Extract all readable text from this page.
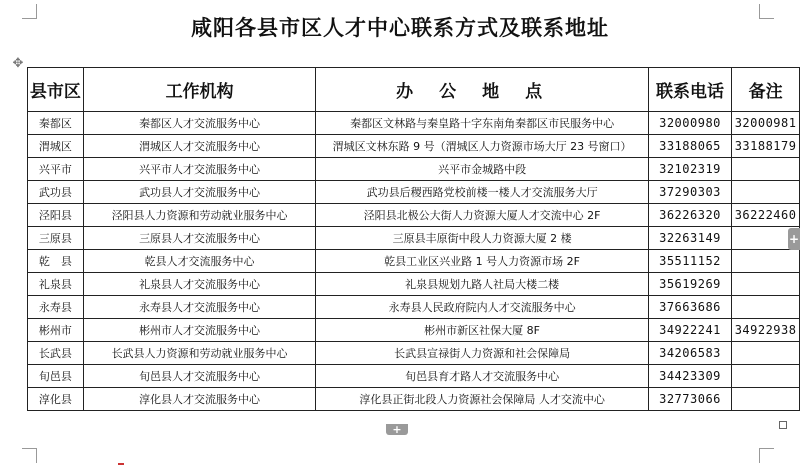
咸阳各县市区人才中心联系方式及联系地址
✥
县市区	工作机构	办公地点	联系电话	备注
秦都区	秦都区人才交流服务中心	秦都区文林路与秦皇路十字东南角秦都区市民服务中心	32000980	32000981
渭城区	渭城区人才交流服务中心	渭城区文林东路 9 号（渭城区人力资源市场大厅 23 号窗口）	33188065	33188179
兴平市	兴平市人才交流服务中心	兴平市金城路中段	32102319	
武功县	武功县人才交流服务中心	武功县后稷西路党校前楼一楼人才交流服务大厅	37290303	
泾阳县	泾阳县人力资源和劳动就业服务中心	泾阳县北极公大街人力资源大厦人才交流中心 2F	36226320	36222460
三原县	三原县人才交流服务中心	三原县丰原街中段人力资源大厦 2 楼	32263149	
乾　县	乾县人才交流服务中心	乾县工业区兴业路 1 号人力资源市场 2F	35511152	
礼泉县	礼泉县人才交流服务中心	礼泉县规划九路人社局大楼二楼	35619269	
永寿县	永寿县人才交流服务中心	永寿县人民政府院内人才交流服务中心	37663686	
彬州市	彬州市人才交流服务中心	彬州市新区社保大厦 8F	34922241	34922938
长武县	长武县人力资源和劳动就业服务中心	长武县宣禄街人力资源和社会保障局	34206583	
旬邑县	旬邑县人才交流服务中心	旬邑县育才路人才交流服务中心	34423309	
淳化县	淳化县人才交流服务中心	淳化县正街北段人力资源社会保障局 人才交流中心	32773066	
+
+
